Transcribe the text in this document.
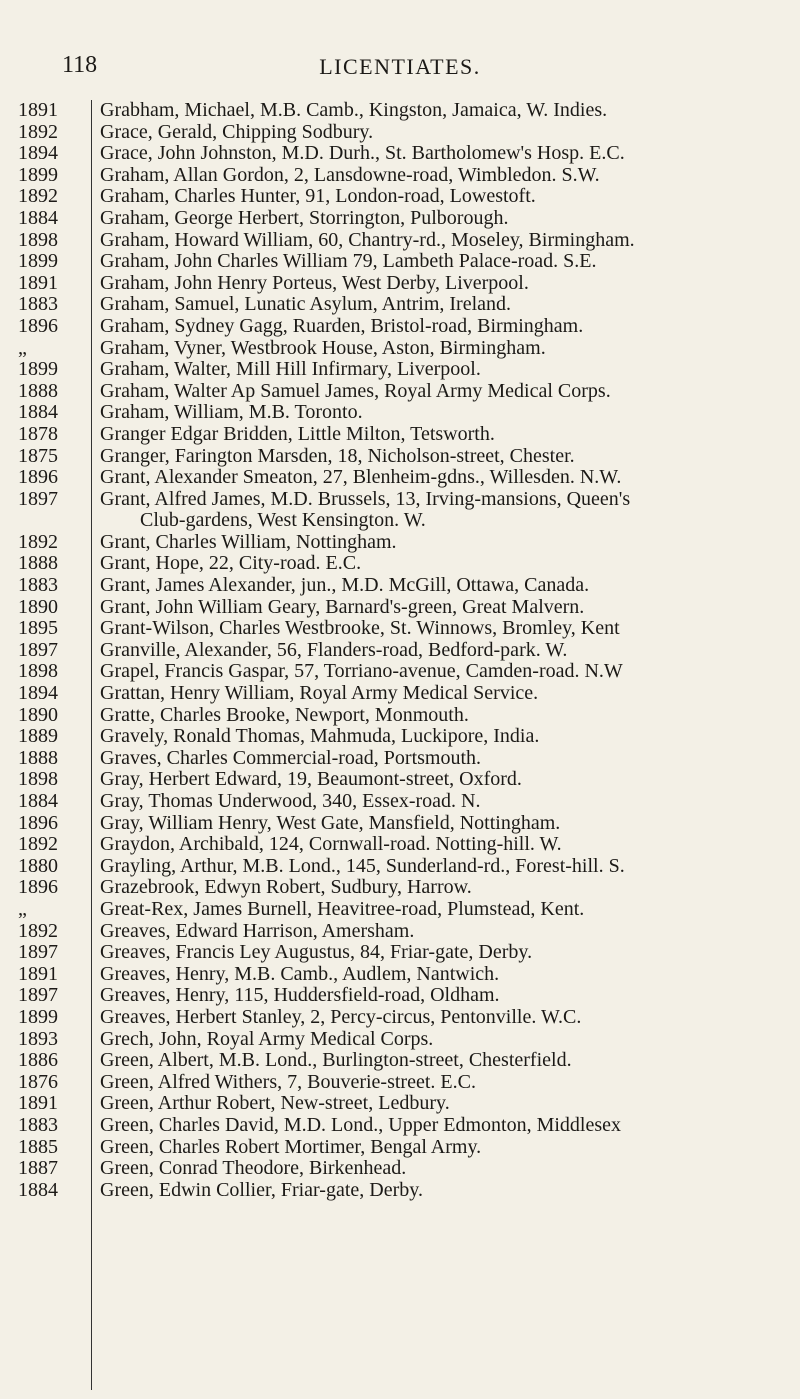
118	LICENTIATES.
1891
1892
1894
1899
1892
1884
1898
1899
1891
1883
1896
„
1899
1888
1884
1878
1875
1896
1897
1892
1888
1883
1890
1895
1897
1898
1894
1890
1889
1888
1898
1884
1896
1892
1880
1896
„
1892
1897
1891
1897
1899
1893
1886
1876
1891
1883
1885
1887
1884
Grabham, Michael, M.B. Camb., Kingston, Jamaica, W. Indies.
Grace, Gerald, Chipping Sodbury.
Grace, John Johnston, M.D. Durh., St. Bartholomew's Hosp. E.C.
Graham, Allan Gordon, 2, Lansdowne-road, Wimbledon. S.W.
Graham, Charles Hunter, 91, London-road, Lowestoft.
Graham, George Herbert, Storrington, Pulborough.
Graham, Howard William, 60, Chantry-rd., Moseley, Birmingham.
Graham, John Charles William 79, Lambeth Palace-road. S.E.
Graham, John Henry Porteus, West Derby, Liverpool.
Graham, Samuel, Lunatic Asylum, Antrim, Ireland.
Graham, Sydney Gagg, Ruarden, Bristol-road, Birmingham.
Graham, Vyner, Westbrook House, Aston, Birmingham.
Graham, Walter, Mill Hill Infirmary, Liverpool.
Graham, Walter Ap Samuel James, Royal Army Medical Corps.
Graham, William, M.B. Toronto.
Granger Edgar Bridden, Little Milton, Tetsworth.
Granger, Farington Marsden, 18, Nicholson-street, Chester.
Grant, Alexander Smeaton, 27, Blenheim-gdns., Willesden. N.W.
Grant, Alfred James, M.D. Brussels, 13, Irving-mansions, Queen's
Club-gardens, West Kensington. W.
Grant, Charles William, Nottingham.
Grant, Hope, 22, City-road. E.C.
Grant, James Alexander, jun., M.D. McGill, Ottawa, Canada.
Grant, John William Geary, Barnard's-green, Great Malvern.
Grant-Wilson, Charles Westbrooke, St. Winnows, Bromley, Kent
Granville, Alexander, 56, Flanders-road, Bedford-park. W.
Grapel, Francis Gaspar, 57, Torriano-avenue, Camden-road. N.W
Grattan, Henry William, Royal Army Medical Service.
Gratte, Charles Brooke, Newport, Monmouth.
Gravely, Ronald Thomas, Mahmuda, Luckipore, India.
Graves, Charles Commercial-road, Portsmouth.
Gray, Herbert Edward, 19, Beaumont-street, Oxford.
Gray, Thomas Underwood, 340, Essex-road. N.
Gray, William Henry, West Gate, Mansfield, Nottingham.
Graydon, Archibald, 124, Cornwall-road. Notting-hill. W.
Grayling, Arthur, M.B. Lond., 145, Sunderland-rd., Forest-hill. S.
Grazebrook, Edwyn Robert, Sudbury, Harrow.
Great-Rex, James Burnell, Heavitree-road, Plumstead, Kent.
Greaves, Edward Harrison, Amersham.
Greaves, Francis Ley Augustus, 84, Friar-gate, Derby.
Greaves, Henry, M.B. Camb., Audlem, Nantwich.
Greaves, Henry, 115, Huddersfield-road, Oldham.
Greaves, Herbert Stanley, 2, Percy-circus, Pentonville. W.C.
Grech, John, Royal Army Medical Corps.
Green, Albert, M.B. Lond., Burlington-street, Chesterfield.
Green, Alfred Withers, 7, Bouverie-street. E.C.
Green, Arthur Robert, New-street, Ledbury.
Green, Charles David, M.D. Lond., Upper Edmonton, Middlesex
Green, Charles Robert Mortimer, Bengal Army.
Green, Conrad Theodore, Birkenhead.
Green, Edwin Collier, Friar-gate, Derby.
